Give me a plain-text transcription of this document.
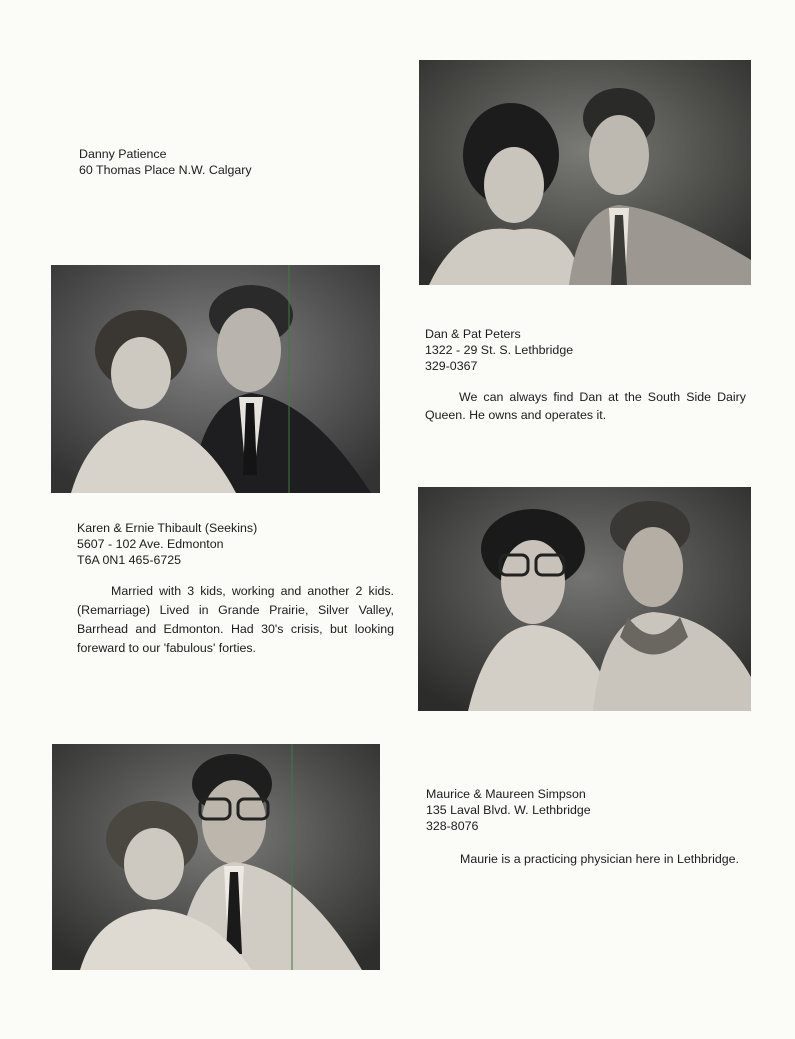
Danny Patience
60 Thomas Place N.W. Calgary
Dan & Pat Peters
1322 - 29 St. S. Lethbridge
329-0367
We can always find Dan at the South Side Dairy Queen. He owns and operates it.
Karen & Ernie Thibault (Seekins)
5607 - 102 Ave. Edmonton
T6A 0N1 465-6725
Married with 3 kids, working and another 2 kids. (Remarriage) Lived in Grande Prairie, Silver Valley, Barrhead and Edmonton. Had 30's crisis, but looking foreward to our 'fabulous' forties.
Maurice & Maureen Simpson
135 Laval Blvd. W. Lethbridge
328-8076
Maurie is a practicing physician here in Lethbridge.
